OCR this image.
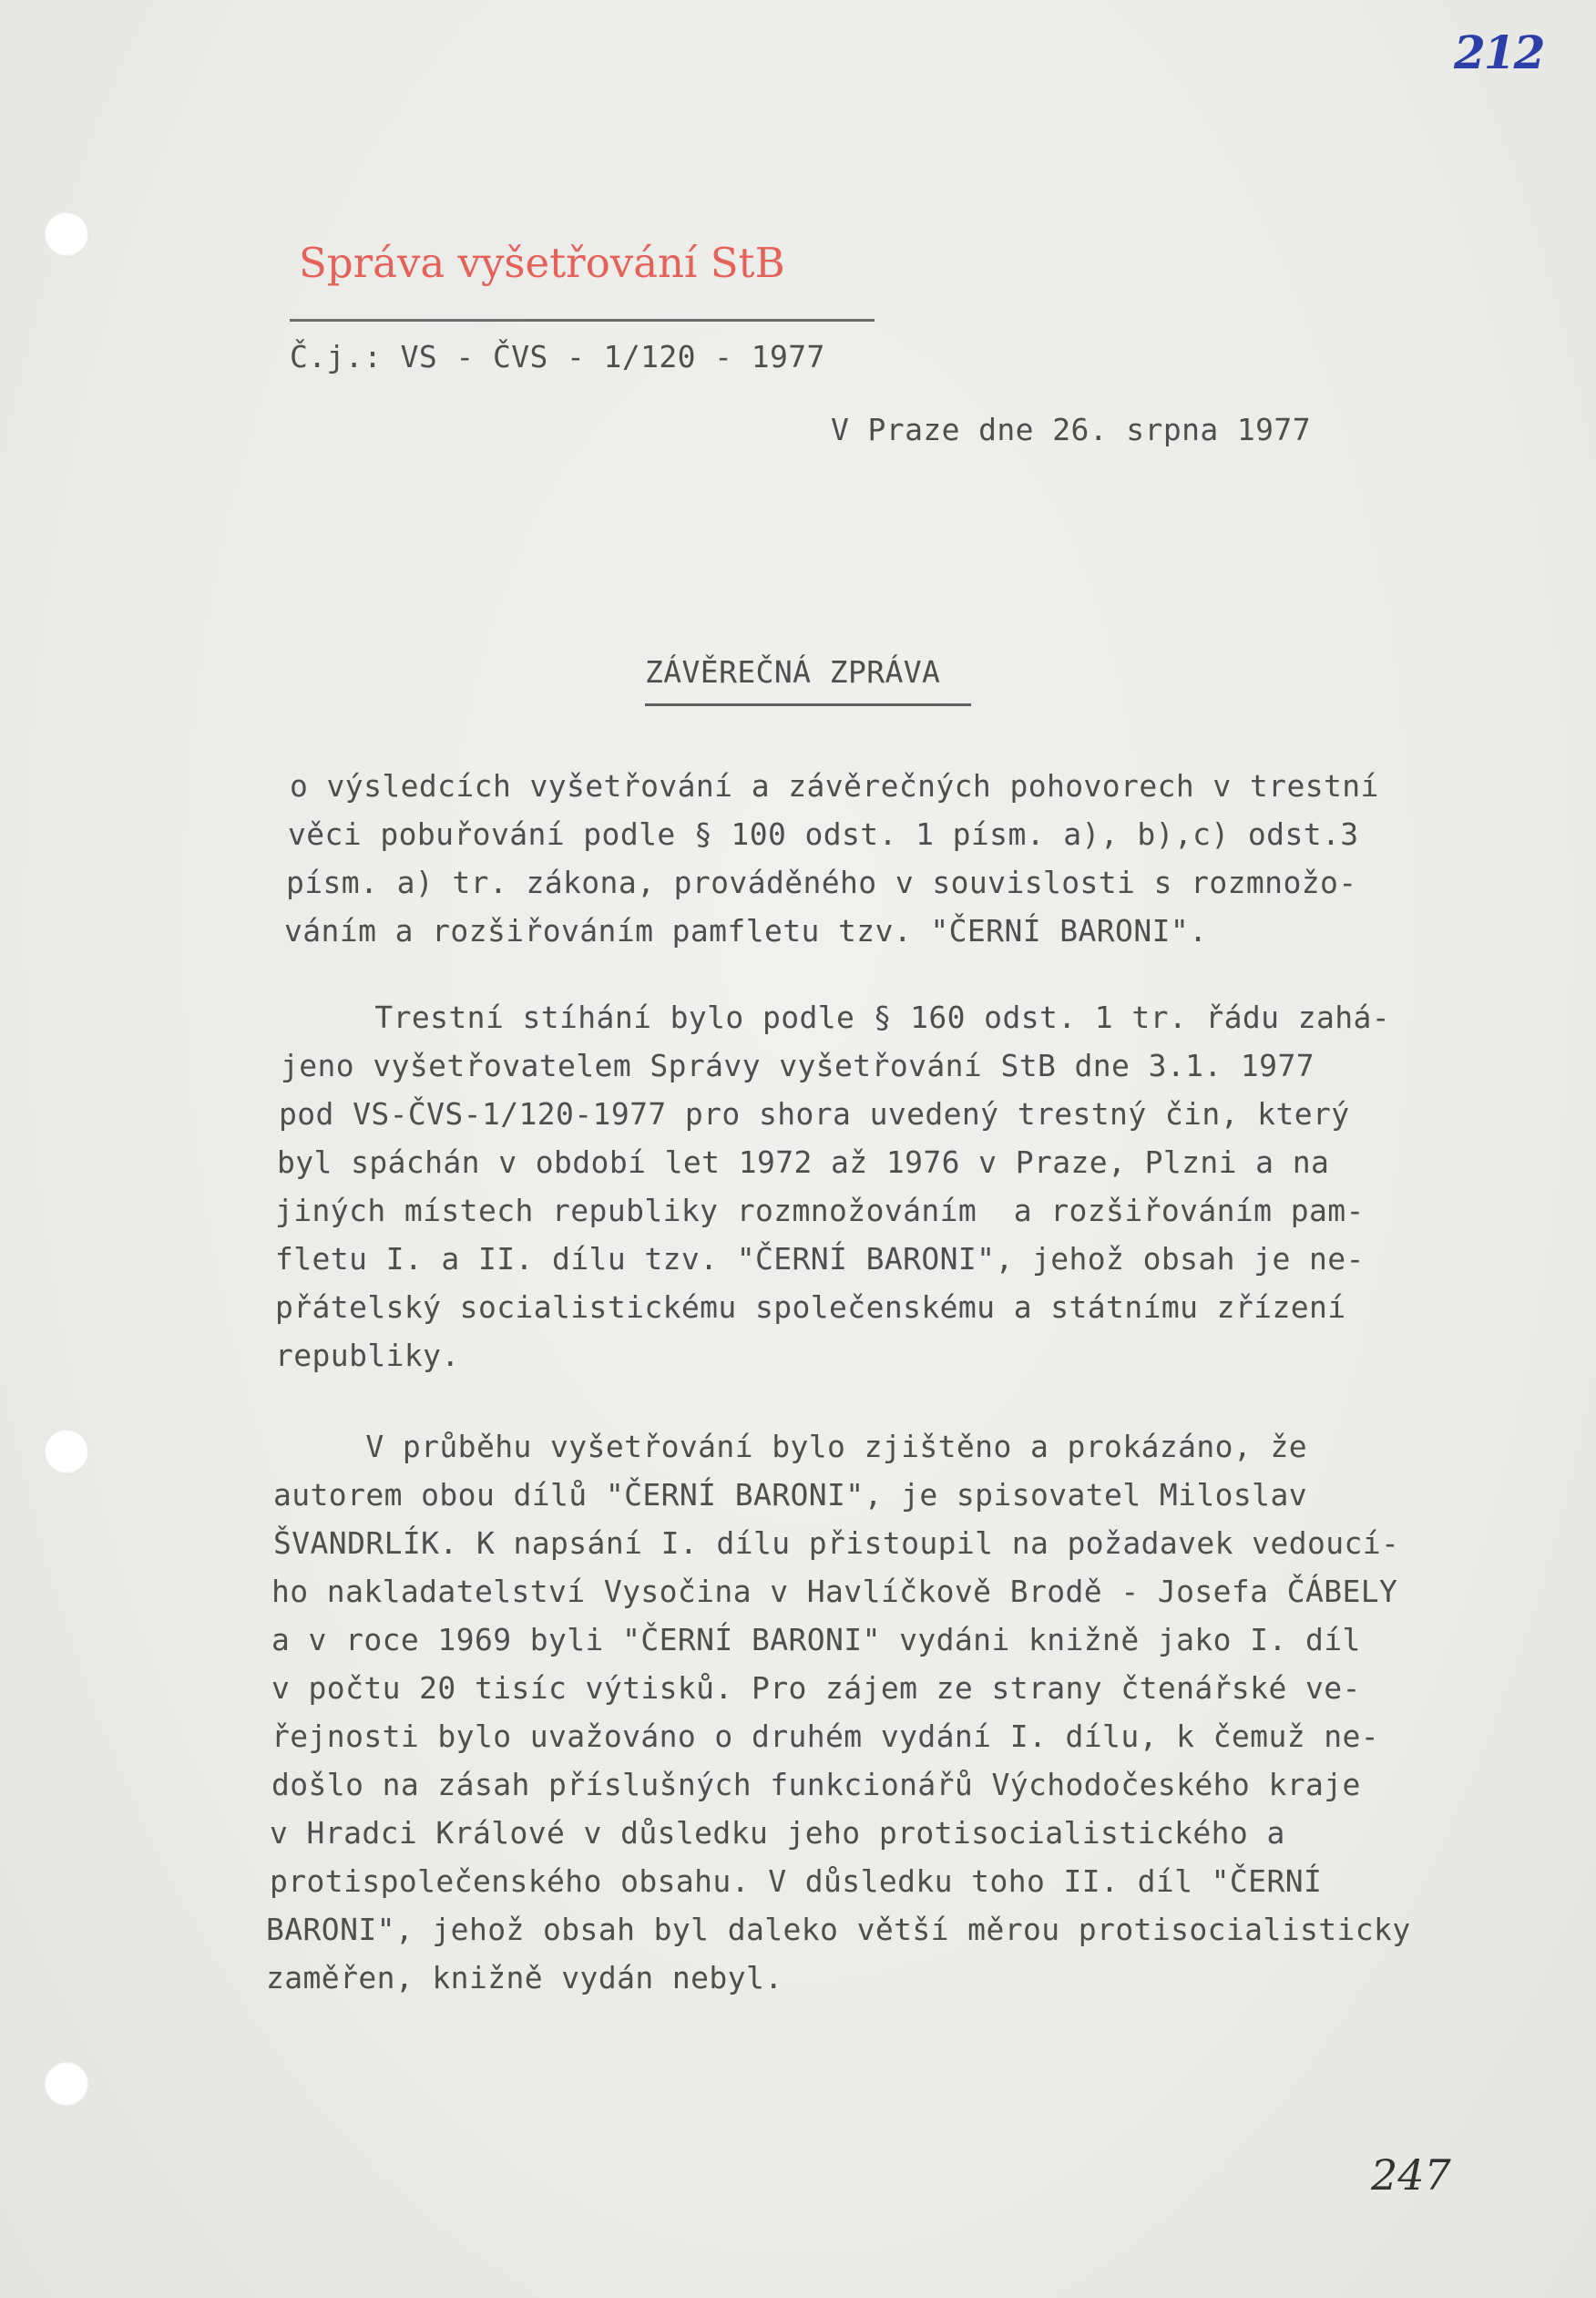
212
Správa vyšetřování StB
Č.j.: VS - ČVS - 1/120 - 1977
V Praze dne 26. srpna 1977
ZÁVĚREČNÁ ZPRÁVA
o výsledcích vyšetřování a závěrečných pohovorech v trestní
věci pobuřování podle § 100 odst. 1 písm. a), b),c) odst.3
písm. a) tr. zákona, prováděného v souvislosti s rozmnožo-
váním a rozšiřováním pamfletu tzv. "ČERNÍ BARONI".
Trestní stíhání bylo podle § 160 odst. 1 tr. řádu zahá-
jeno vyšetřovatelem Správy vyšetřování StB dne 3.1. 1977
pod VS-ČVS-1/120-1977 pro shora uvedený trestný čin, který
byl spáchán v období let 1972 až 1976 v Praze, Plzni a na
jiných místech republiky rozmnožováním  a rozšiřováním pam-
fletu I. a II. dílu tzv. "ČERNÍ BARONI", jehož obsah je ne-
přátelský socialistickému společenskému a státnímu zřízení
republiky.
V průběhu vyšetřování bylo zjištěno a prokázáno, že
autorem obou dílů "ČERNÍ BARONI", je spisovatel Miloslav
ŠVANDRLÍK. K napsání I. dílu přistoupil na požadavek vedoucí-
ho nakladatelství Vysočina v Havlíčkově Brodě - Josefa ČÁBELY
a v roce 1969 byli "ČERNÍ BARONI" vydáni knižně jako I. díl
v počtu 20 tisíc výtisků. Pro zájem ze strany čtenářské ve-
řejnosti bylo uvažováno o druhém vydání I. dílu, k čemuž ne-
došlo na zásah příslušných funkcionářů Východočeského kraje
v Hradci Králové v důsledku jeho protisocialistického a
protispolečenského obsahu. V důsledku toho II. díl "ČERNÍ
BARONI", jehož obsah byl daleko větší měrou protisocialisticky
zaměřen, knižně vydán nebyl.
247
